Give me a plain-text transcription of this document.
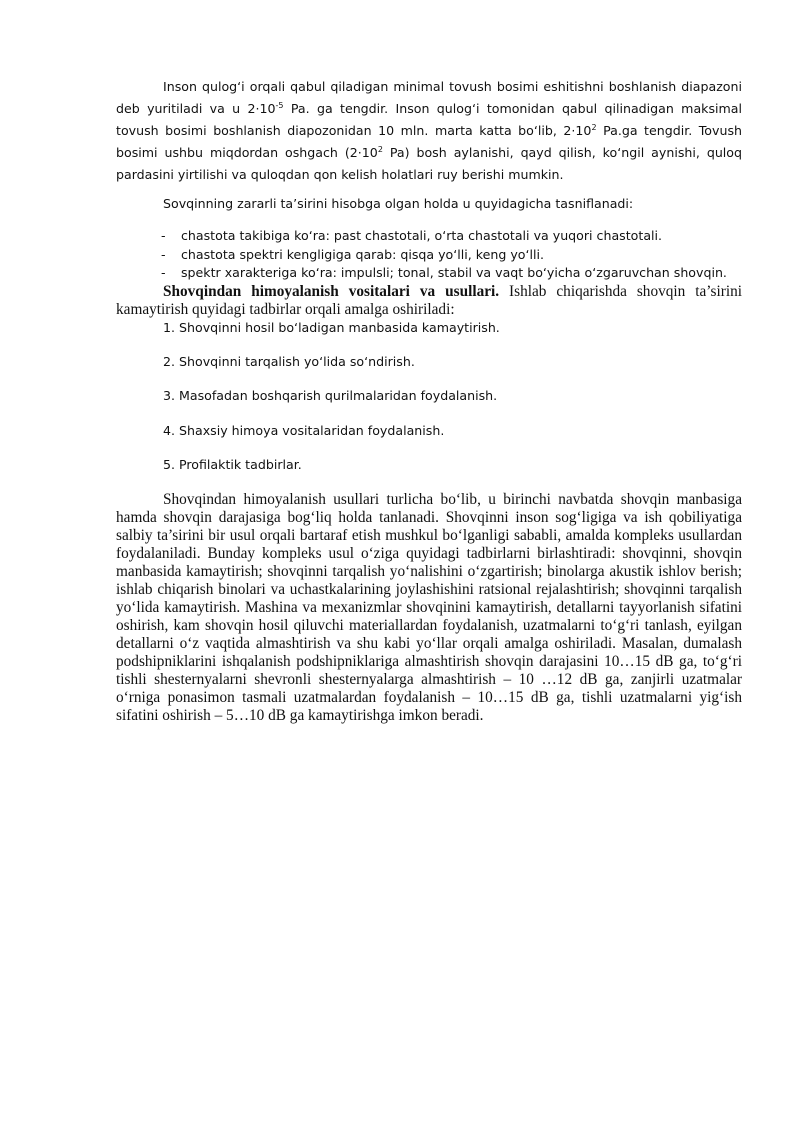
Inson qulog‘i orqali qabul qiladigan minimal tovush bosimi eshitishni boshlanish diapazoni deb yuritiladi va u $2\cdot 10^{-5}$ Pa. ga tengdir. Inson qulog‘i tomonidan qabul qilinadigan maksimal tovush bosimi boshlanish diapozonidan 10 mln. marta katta bo‘lib, $2\cdot 10^2$ Pa.ga tengdir. Tovush bosimi ushbu miqdordan oshgach ($2\cdot 10^2$ Pa) bosh aylanishi, qayd qilish, ko‘ngil aynishi, quloq pardasini yirtilishi va quloqdan qon kelish holatlari ruy berishi mumkin.

Sovqinning zararli ta’sirini hisobga olgan holda u quyidagicha tasniflanadi:

- chastota takibiga ko‘ra: past chastotali, o‘rta chastotali va yuqori chastotali.
- chastota spektri kengligiga qarab: qisqa yo‘lli, keng yo‘lli.
- spektr xarakteriga ko‘ra: impulsli; tonal, stabil va vaqt bo‘yicha o‘zgaruvchan shovqin.

Shovqindan himoyalanish vositalari va usullari. Ishlab chiqarishda shovqin ta’sirini kamaytirish quyidagi tadbirlar orqali amalga oshiriladi:

1. Shovqinni hosil bo‘ladigan manbasida kamaytirish.
2. Shovqinni tarqalish yo‘lida so‘ndirish.
3. Masofadan boshqarish qurilmalaridan foydalanish.
4. Shaxsiy himoya vositalaridan foydalanish.
5. Profilaktik tadbirlar.

Shovqindan himoyalanish usullari turlicha bo‘lib, u birinchi navbatda shovqin manbasiga hamda shovqin darajasiga bog‘liq holda tanlanadi. Shovqinni inson sog‘ligiga va ish qobiliyatiga salbiy ta’sirini bir usul orqali bartaraf etish mushkul bo‘lganligi sababli, amalda kompleks usullardan foydalaniladi. Bunday kompleks usul o‘ziga quyidagi tadbirlarni birlashtiradi: shovqinni, shovqin manbasida kamaytirish; shovqinni tarqalish yo‘nalishini o‘zgartirish; binolarga akustik ishlov berish; ishlab chiqarish binolari va uchastkalarining joylashishini ratsional rejalashtirish; shovqinni tarqalish yo‘lida kamaytirish. Mashina va mexanizmlar shovqinini kamaytirish, detallarni tayyorlanish sifatini oshirish, kam shovqin hosil qiluvchi materiallardan foydalanish, uzatmalarni to‘g‘ri tanlash, eyilgan detallarni o‘z vaqtida almashtirish va shu kabi yo‘llar orqali amalga oshiriladi. Masalan, dumalash podshipniklarini ishqalanish podshipniklariga almashtirish shovqin darajasini 10…15 dB ga, to‘g‘ri tishli shesternyalarni shevronli shesternyalarga almashtirish – 10 …12 dB ga, zanjirli uzatmalar o‘rniga ponasimon tasmali uzatmalardan foydalanish – 10…15 dB ga, tishli uzatmalarni yig‘ish sifatini oshirish – 5…10 dB ga kamaytirishga imkon beradi.
